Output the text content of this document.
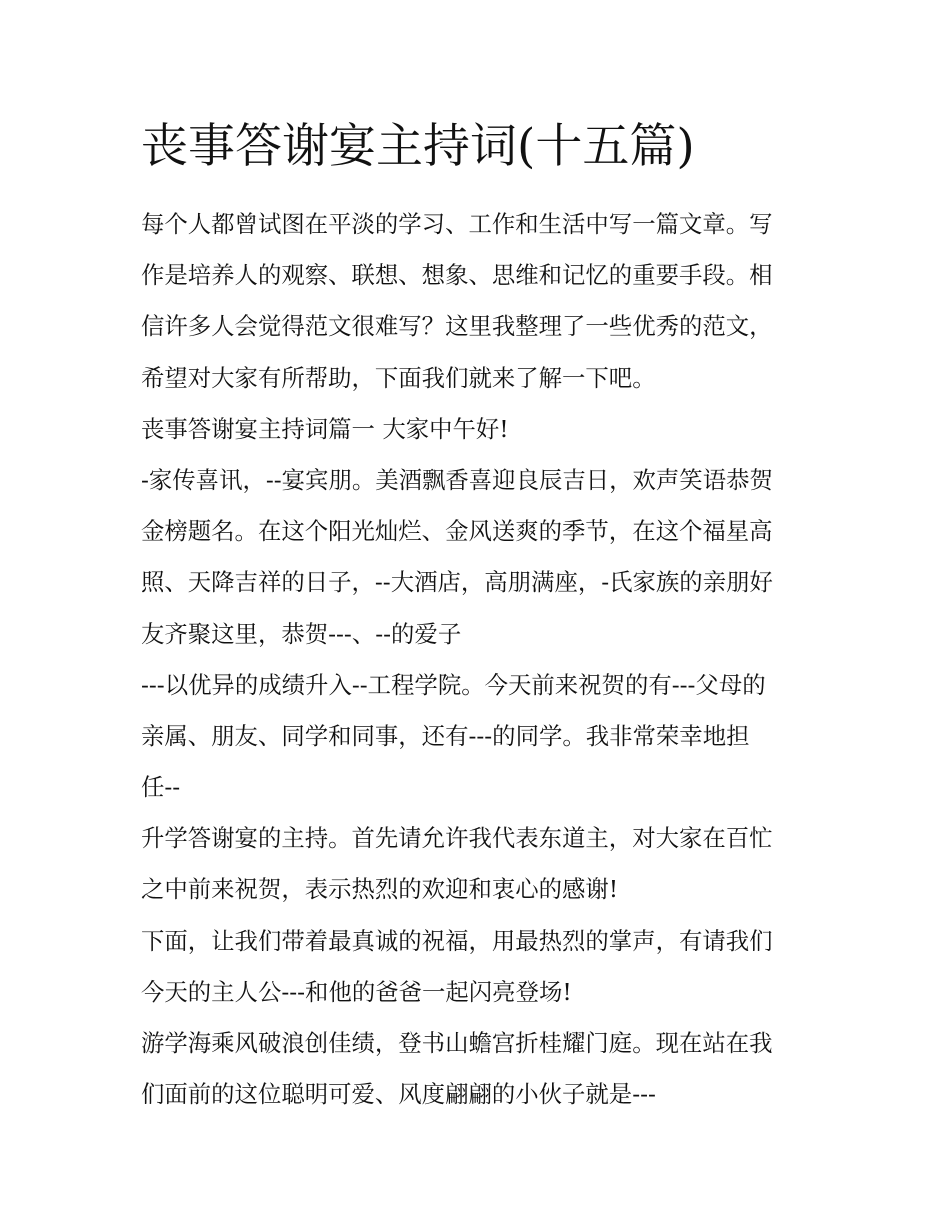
丧事答谢宴主持词(十五篇)
每个人都曾试图在平淡的学习、工作和生活中写一篇文章。写
作是培养人的观察、联想、想象、思维和记忆的重要手段。相
信许多人会觉得范文很难写？这里我整理了一些优秀的范文，
希望对大家有所帮助，下面我们就来了解一下吧。
丧事答谢宴主持词篇一 大家中午好!
-家传喜讯，--宴宾朋。美酒飘香喜迎良辰吉日，欢声笑语恭贺
金榜题名。在这个阳光灿烂、金风送爽的季节，在这个福星高
照、天降吉祥的日子，--大酒店，高朋满座，-氏家族的亲朋好
友齐聚这里，恭贺---、--的爱子
---以优异的成绩升入--工程学院。今天前来祝贺的有---父母的
亲属、朋友、同学和同事，还有---的同学。我非常荣幸地担
任--
升学答谢宴的主持。首先请允许我代表东道主，对大家在百忙
之中前来祝贺，表示热烈的欢迎和衷心的感谢!
下面，让我们带着最真诚的祝福，用最热烈的掌声，有请我们
今天的主人公---和他的爸爸一起闪亮登场!
游学海乘风破浪创佳绩，登书山蟾宫折桂耀门庭。现在站在我
们面前的这位聪明可爱、风度翩翩的小伙子就是---
